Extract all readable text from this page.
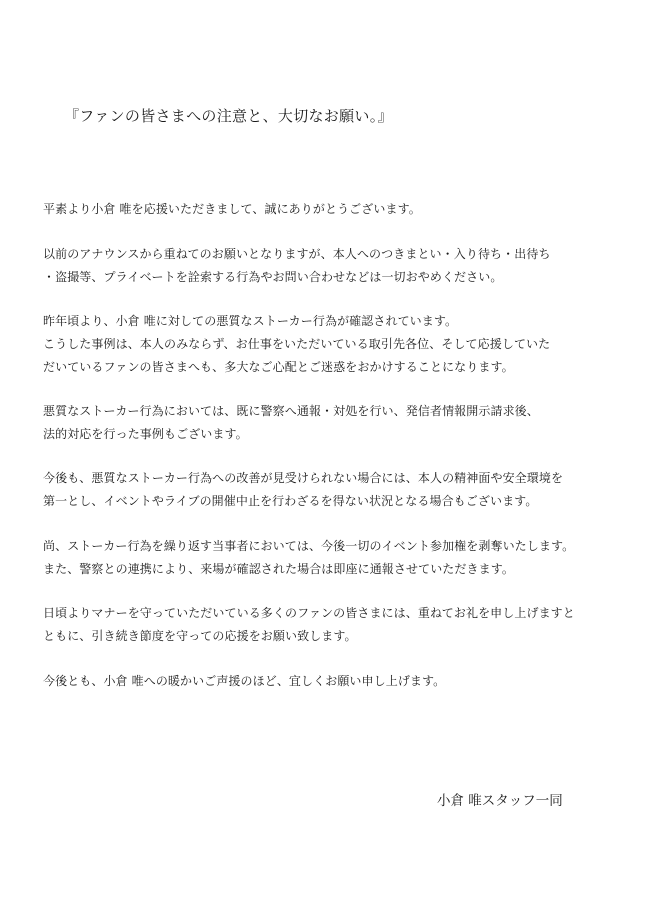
『ファンの皆さまへの注意と、大切なお願い。』
平素より小倉 唯を応援いただきまして、誠にありがとうございます。
以前のアナウンスから重ねてのお願いとなりますが、本人へのつきまとい・入り待ち・出待ち
・盗撮等、プライベートを詮索する行為やお問い合わせなどは一切おやめください。
昨年頃より、小倉 唯に対しての悪質なストーカー行為が確認されています。
こうした事例は、本人のみならず、お仕事をいただいている取引先各位、そして応援していた
だいているファンの皆さまへも、多大なご心配とご迷惑をおかけすることになります。
悪質なストーカー行為においては、既に警察へ通報・対処を行い、発信者情報開示請求後、
法的対応を行った事例もございます。
今後も、悪質なストーカー行為への改善が見受けられない場合には、本人の精神面や安全環境を
第一とし、イベントやライブの開催中止を行わざるを得ない状況となる場合もございます。
尚、ストーカー行為を繰り返す当事者においては、今後一切のイベント参加権を剥奪いたします。
また、警察との連携により、来場が確認された場合は即座に通報させていただきます。
日頃よりマナーを守っていただいている多くのファンの皆さまには、重ねてお礼を申し上げますと
ともに、引き続き節度を守っての応援をお願い致します。
今後とも、小倉 唯への暖かいご声援のほど、宜しくお願い申し上げます。
小倉 唯スタッフ一同
